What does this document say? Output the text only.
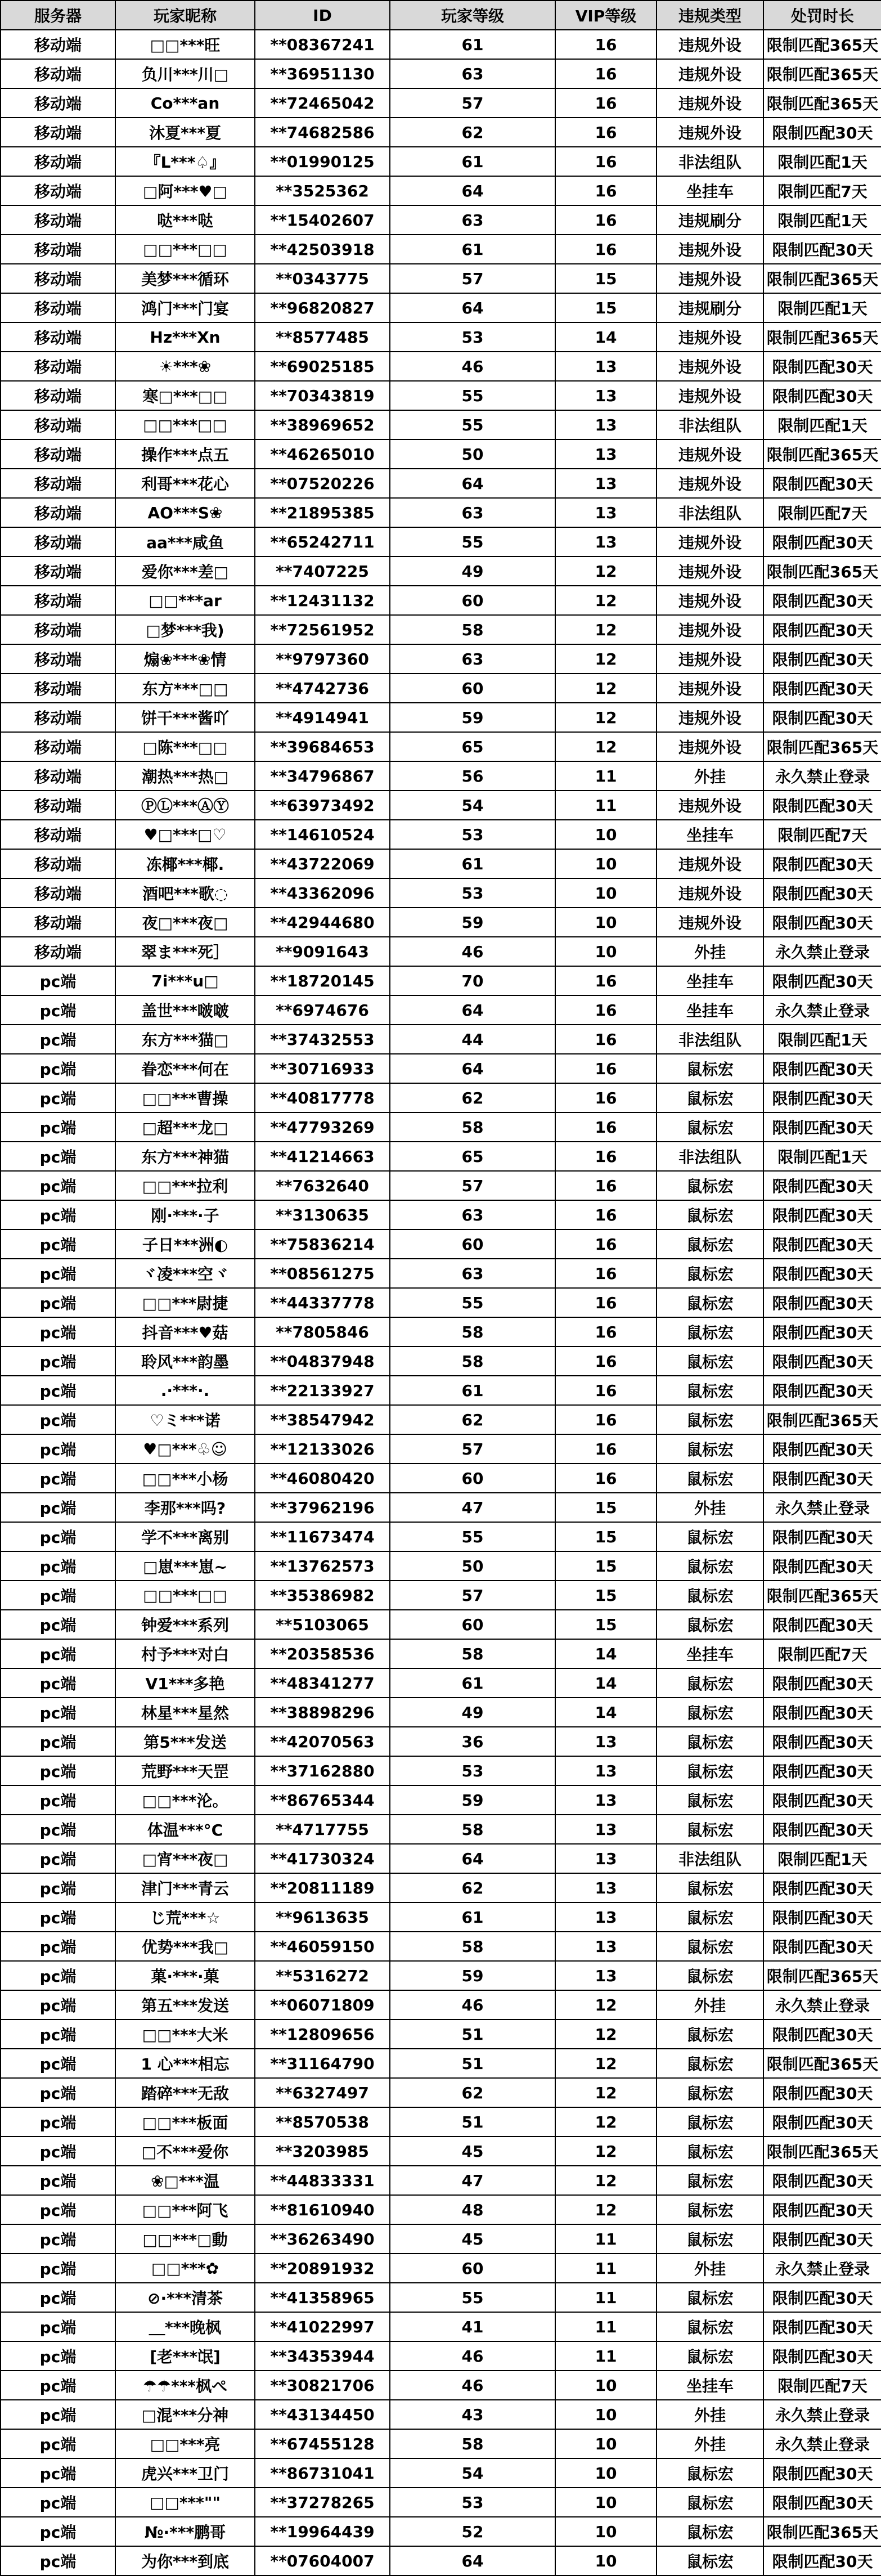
服务器	玩家昵称	ID	玩家等级	VIP等级	违规类型	处罚时长
移动端	□□***旺	**08367241	61	16	违规外设	限制匹配365天
移动端	负川***川□	**36951130	63	16	违规外设	限制匹配365天
移动端	Co***an	**72465042	57	16	违规外设	限制匹配365天
移动端	沐夏***夏	**74682586	62	16	违规外设	限制匹配30天
移动端	『L***♤』	**01990125	61	16	非法组队	限制匹配1天
移动端	□阿***♥□	**3525362	64	16	坐挂车	限制匹配7天
移动端	哒***哒	**15402607	63	16	违规刷分	限制匹配1天
移动端	□□***□□	**42503918	61	16	违规外设	限制匹配30天
移动端	美梦***循环	**0343775	57	15	违规外设	限制匹配365天
移动端	鸿门***门宴	**96820827	64	15	违规刷分	限制匹配1天
移动端	Hz***Xn	**8577485	53	14	违规外设	限制匹配365天
移动端	☀***❀	**69025185	46	13	违规外设	限制匹配30天
移动端	寒□***□□	**70343819	55	13	违规外设	限制匹配30天
移动端	□□***□□	**38969652	55	13	非法组队	限制匹配1天
移动端	操作***点五	**46265010	50	13	违规外设	限制匹配365天
移动端	利哥***花心	**07520226	64	13	违规外设	限制匹配30天
移动端	AO***S❀	**21895385	63	13	非法组队	限制匹配7天
移动端	aa***咸鱼	**65242711	55	13	违规外设	限制匹配30天
移动端	爱你***差□	**7407225	49	12	违规外设	限制匹配365天
移动端	□□***ar	**12431132	60	12	违规外设	限制匹配30天
移动端	□梦***我)	**72561952	58	12	违规外设	限制匹配30天
移动端	煽❀***❀情	**9797360	63	12	违规外设	限制匹配30天
移动端	东方***□□	**4742736	60	12	违规外设	限制匹配30天
移动端	饼干***酱吖	**4914941	59	12	违规外设	限制匹配30天
移动端	□陈***□□	**39684653	65	12	违规外设	限制匹配365天
移动端	潮热***热□	**34796867	56	11	外挂	永久禁止登录
移动端	ⓅⓁ***ⒶⓎ	**63973492	54	11	违规外设	限制匹配30天
移动端	♥□***□♡	**14610524	53	10	坐挂车	限制匹配7天
移动端	冻椰***椰.	**43722069	61	10	违规外设	限制匹配30天
移动端	酒吧***歌◌	**43362096	53	10	违规外设	限制匹配30天
移动端	夜□***夜□	**42944680	59	10	违规外设	限制匹配30天
移动端	翠ま***死］	**9091643	46	10	外挂	永久禁止登录
pc端	7i***u□	**18720145	70	16	坐挂车	限制匹配30天
pc端	盖世***啵啵	**6974676	64	16	坐挂车	永久禁止登录
pc端	东方***猫□	**37432553	44	16	非法组队	限制匹配1天
pc端	眷恋***何在	**30716933	64	16	鼠标宏	限制匹配30天
pc端	□□***曹操	**40817778	62	16	鼠标宏	限制匹配30天
pc端	□超***龙□	**47793269	58	16	鼠标宏	限制匹配30天
pc端	东方***神猫	**41214663	65	16	非法组队	限制匹配1天
pc端	□□***拉利	**7632640	57	16	鼠标宏	限制匹配30天
pc端	刚·***·子	**3130635	63	16	鼠标宏	限制匹配30天
pc端	子日***洲◐	**75836214	60	16	鼠标宏	限制匹配30天
pc端	ヾ凌***空ヾ	**08561275	63	16	鼠标宏	限制匹配30天
pc端	□□***尉捷	**44337778	55	16	鼠标宏	限制匹配30天
pc端	抖音***♥菇	**7805846	58	16	鼠标宏	限制匹配30天
pc端	聆风***韵墨	**04837948	58	16	鼠标宏	限制匹配30天
pc端	.·***·.	**22133927	61	16	鼠标宏	限制匹配30天
pc端	♡ミ***诺	**38547942	62	16	鼠标宏	限制匹配365天
pc端	♥□***♧☺	**12133026	57	16	鼠标宏	限制匹配30天
pc端	□□***小杨	**46080420	60	16	鼠标宏	限制匹配30天
pc端	李那***吗?	**37962196	47	15	外挂	永久禁止登录
pc端	学不***离别	**11673474	55	15	鼠标宏	限制匹配30天
pc端	□崽***崽~	**13762573	50	15	鼠标宏	限制匹配30天
pc端	□□***□□	**35386982	57	15	鼠标宏	限制匹配365天
pc端	钟爱***系列	**5103065	60	15	鼠标宏	限制匹配30天
pc端	村予***对白	**20358536	58	14	坐挂车	限制匹配7天
pc端	V1***多艳	**48341277	61	14	鼠标宏	限制匹配30天
pc端	林星***星然	**38898296	49	14	鼠标宏	限制匹配30天
pc端	第5***发送	**42070563	36	13	鼠标宏	限制匹配30天
pc端	荒野***天罡	**37162880	53	13	鼠标宏	限制匹配30天
pc端	□□***沦。	**86765344	59	13	鼠标宏	限制匹配30天
pc端	体温***°C	**4717755	58	13	鼠标宏	限制匹配30天
pc端	□宵***夜□	**41730324	64	13	非法组队	限制匹配1天
pc端	津门***青云	**20811189	62	13	鼠标宏	限制匹配30天
pc端	じ荒***☆	**9613635	61	13	鼠标宏	限制匹配30天
pc端	优势***我□	**46059150	58	13	鼠标宏	限制匹配30天
pc端	菓·***·菓	**5316272	59	13	鼠标宏	限制匹配365天
pc端	第五***发送	**06071809	46	12	外挂	永久禁止登录
pc端	□□***大米	**12809656	51	12	鼠标宏	限制匹配30天
pc端	1 心***相忘	**31164790	51	12	鼠标宏	限制匹配365天
pc端	踏碎***无敌	**6327497	62	12	鼠标宏	限制匹配30天
pc端	□□***板面	**8570538	51	12	鼠标宏	限制匹配30天
pc端	□不***爱你	**3203985	45	12	鼠标宏	限制匹配365天
pc端	❀□***温	**44833331	47	12	鼠标宏	限制匹配30天
pc端	□□***阿飞	**81610940	48	12	鼠标宏	限制匹配30天
pc端	□□***□動	**36263490	45	11	鼠标宏	限制匹配30天
pc端	□□***✿	**20891932	60	11	外挂	永久禁止登录
pc端	⊘·***清茶	**41358965	55	11	鼠标宏	限制匹配30天
pc端	＿***晚枫	**41022997	41	11	鼠标宏	限制匹配30天
pc端	[老***氓]	**34353944	46	11	鼠标宏	限制匹配30天
pc端	☂☂***枫ぺ	**30821706	46	10	坐挂车	限制匹配7天
pc端	□混***分神	**43134450	43	10	外挂	永久禁止登录
pc端	□□***亮	**67455128	58	10	外挂	永久禁止登录
pc端	虎兴***卫门	**86731041	54	10	鼠标宏	限制匹配30天
pc端	□□***""	**37278265	53	10	鼠标宏	限制匹配30天
pc端	№·***鹏哥	**19964439	52	10	鼠标宏	限制匹配365天
pc端	为你***到底	**07604007	64	10	鼠标宏	限制匹配30天
